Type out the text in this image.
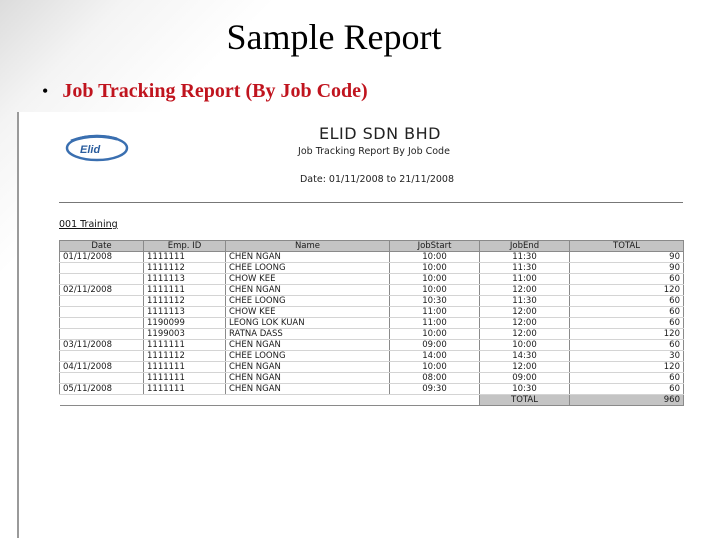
Sample Report
• Job Tracking Report (By Job Code)
Elid
ELID SDN BHD
Job Tracking Report By Job Code
Date: 01/11/2008 to 21/11/2008
001 Training
Date	Emp. ID	Name	JobStart	JobEnd	TOTAL
01/11/2008	1111111	CHEN NGAN	10:00	11:30	90
	1111112	CHEE LOONG	10:00	11:30	90
	1111113	CHOW KEE	10:00	11:00	60
02/11/2008	1111111	CHEN NGAN	10:00	12:00	120
	1111112	CHEE LOONG	10:30	11:30	60
	1111113	CHOW KEE	11:00	12:00	60
	1190099	LEONG LOK KUAN	11:00	12:00	60
	1199003	RATNA DASS	10:00	12:00	120
03/11/2008	1111111	CHEN NGAN	09:00	10:00	60
	1111112	CHEE LOONG	14:00	14:30	30
04/11/2008	1111111	CHEN NGAN	10:00	12:00	120
	1111111	CHEN NGAN	08:00	09:00	60
05/11/2008	1111111	CHEN NGAN	09:30	10:30	60
				TOTAL	960
